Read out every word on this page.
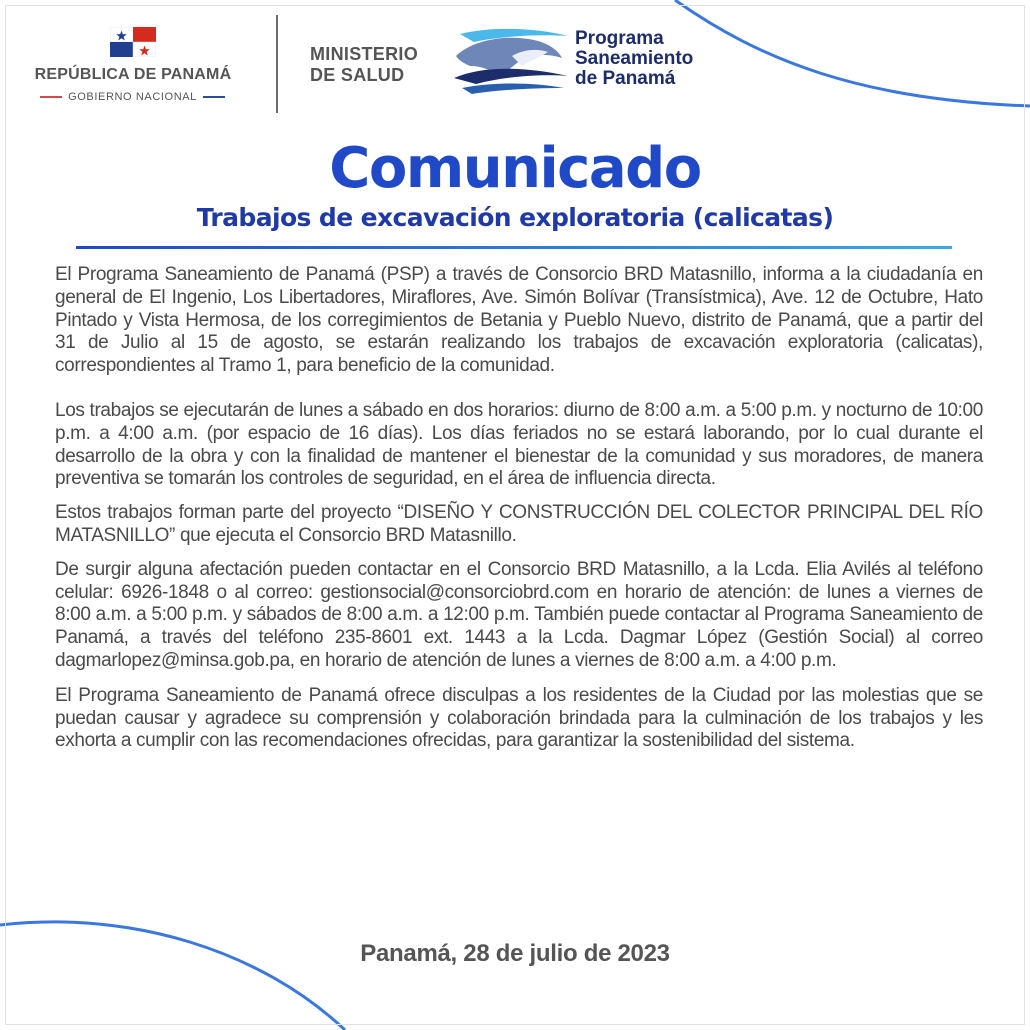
REPÚBLICA DE PANAMÁ
GOBIERNO NACIONAL
MINISTERIO
DE SALUD
Programa
Saneamiento
de Panamá
Comunicado
Trabajos de excavación exploratoria (calicatas)

El Programa Saneamiento de Panamá (PSP) a través de Consorcio BRD Matasnillo, informa a la ciudadanía en general de El Ingenio, Los Libertadores, Miraflores, Ave. Simón Bolívar (Transístmica), Ave. 12 de Octubre, Hato Pintado y Vista Hermosa, de los corregimientos de Betania y Pueblo Nuevo, distrito de Panamá, que a partir del 31 de Julio al 15 de agosto, se estarán realizando los trabajos de excavación exploratoria (calicatas), correspondientes al Tramo 1, para beneficio de la comunidad.

Los trabajos se ejecutarán de lunes a sábado en dos horarios: diurno de 8:00 a.m. a 5:00 p.m. y nocturno de 10:00 p.m. a 4:00 a.m. (por espacio de 16 días). Los días feriados no se estará laborando, por lo cual durante el desarrollo de la obra y con la finalidad de mantener el bienestar de la comunidad y sus moradores, de manera preventiva se tomarán los controles de seguridad, en el área de influencia directa.

Estos trabajos forman parte del proyecto “DISEÑO Y CONSTRUCCIÓN DEL COLECTOR PRINCIPAL DEL RÍO MATASNILLO” que ejecuta el Consorcio BRD Matasnillo.

De surgir alguna afectación pueden contactar en el Consorcio BRD Matasnillo, a la Lcda. Elia Avilés al teléfono celular: 6926-1848 o al correo: gestionsocial@consorciobrd.com en horario de atención: de lunes a viernes de 8:00 a.m. a 5:00 p.m. y sábados de 8:00 a.m. a 12:00 p.m. También puede contactar al Programa Saneamiento de Panamá, a través del teléfono 235-8601 ext. 1443 a la Lcda. Dagmar López (Gestión Social) al correo dagmarlopez@minsa.gob.pa, en horario de atención de lunes a viernes de 8:00 a.m. a 4:00 p.m.

El Programa Saneamiento de Panamá ofrece disculpas a los residentes de la Ciudad por las molestias que se puedan causar y agradece su comprensión y colaboración brindada para la culminación de los trabajos y les exhorta a cumplir con las recomendaciones ofrecidas, para garantizar la sostenibilidad del sistema.

Panamá, 28 de julio de 2023
